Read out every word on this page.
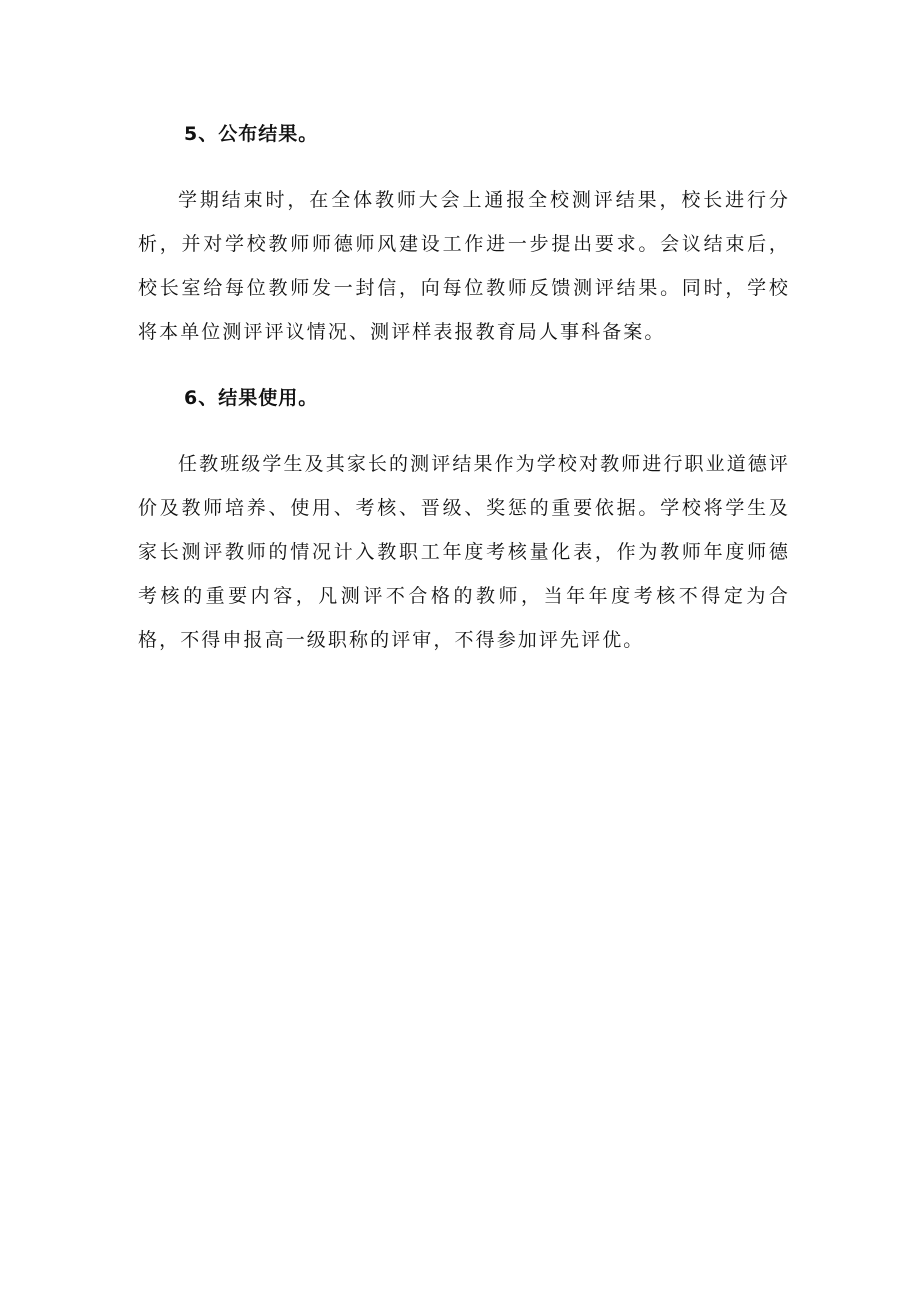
5、公布结果。

学期结束时，在全体教师大会上通报全校测评结果，校长进行分析，并对学校教师师德师风建设工作进一步提出要求。会议结束后，校长室给每位教师发一封信，向每位教师反馈测评结果。同时，学校将本单位测评评议情况、测评样表报教育局人事科备案。

6、结果使用。

任教班级学生及其家长的测评结果作为学校对教师进行职业道德评价及教师培养、使用、考核、晋级、奖惩的重要依据。学校将学生及家长测评教师的情况计入教职工年度考核量化表，作为教师年度师德考核的重要内容，凡测评不合格的教师，当年年度考核不得定为合格，不得申报高一级职称的评审，不得参加评先评优。
